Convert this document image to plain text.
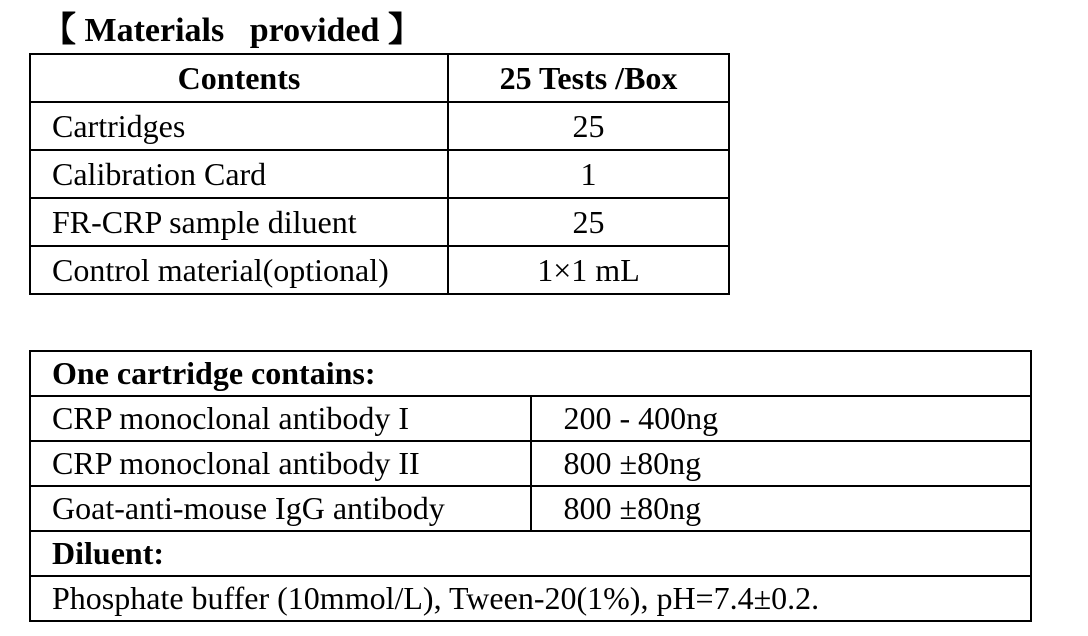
【 Materials   provided 】
Contents	25 Tests /Box
Cartridges	25
Calibration Card	1
FR-CRP sample diluent	25
Control material(optional)	1×1 mL
One cartridge contains:	
CRP monoclonal antibody I	200 - 400ng
CRP monoclonal antibody II	800 ±80ng
Goat-anti-mouse IgG antibody	800 ±80ng
Diluent:	
Phosphate buffer (10mmol/L), Tween-20(1%), pH=7.4±0.2.	
